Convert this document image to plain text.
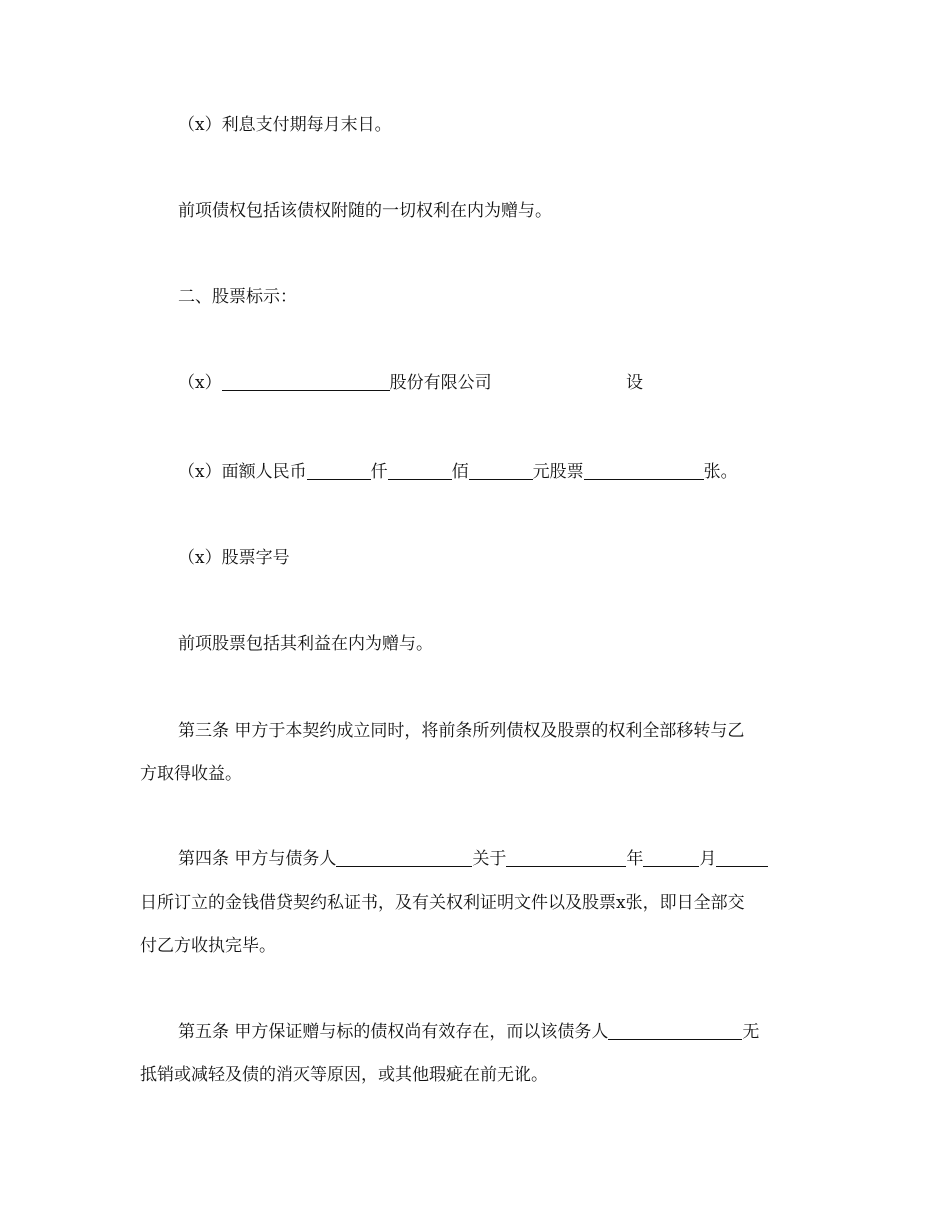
（x）利息支付期每月末日。
前项债权包括该债权附随的一切权利在内为赠与。
二、股票标示：
（x）	股份有限公司	设
（x）面额人民币	仟	佰	元股票	张。
（x）股票字号
前项股票包括其利益在内为赠与。
第三条 甲方于本契约成立同时，将前条所列债权及股票的权利全部移转与乙
方取得收益。
第四条 甲方与债务人	关于	年	月
日所订立的金钱借贷契约私证书，及有关权利证明文件以及股票x张，即日全部交
付乙方收执完毕。
第五条 甲方保证赠与标的债权尚有效存在，而以该债务人	无
抵销或减轻及债的消灭等原因，或其他瑕疵在前无讹。
